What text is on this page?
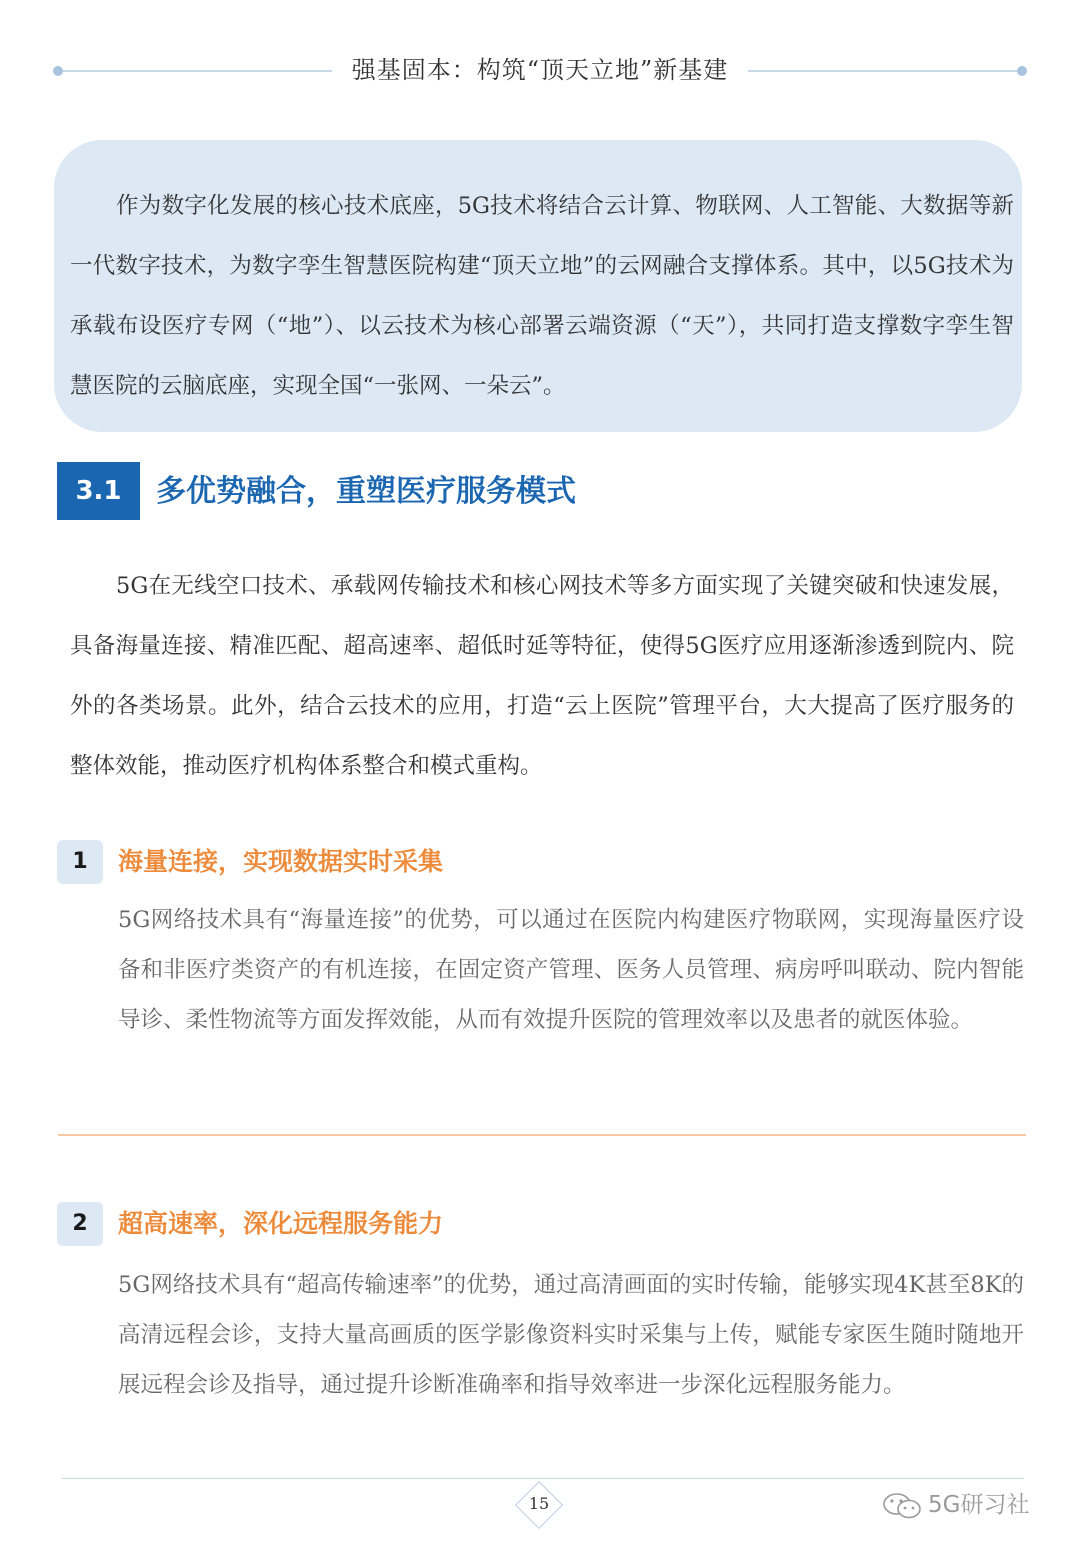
强基固本：构筑“顶天立地”新基建
作为数字化发展的核心技术底座，5G技术将结合云计算、物联网、人工智能、大数据等新一代数字技术，为数字孪生智慧医院构建“顶天立地”的云网融合支撑体系。其中，以5G技术为承载布设医疗专网（“地”）、以云技术为核心部署云端资源（“天”），共同打造支撑数字孪生智慧医院的云脑底座，实现全国“一张网、一朵云”。
3.1	多优势融合，重塑医疗服务模式
5G在无线空口技术、承载网传输技术和核心网技术等多方面实现了关键突破和快速发展，具备海量连接、精准匹配、超高速率、超低时延等特征，使得5G医疗应用逐渐渗透到院内、院外的各类场景。此外，结合云技术的应用，打造“云上医院”管理平台，大大提高了医疗服务的整体效能，推动医疗机构体系整合和模式重构。
1	海量连接，实现数据实时采集
5G网络技术具有“海量连接”的优势，可以通过在医院内构建医疗物联网，实现海量医疗设备和非医疗类资产的有机连接，在固定资产管理、医务人员管理、病房呼叫联动、院内智能导诊、柔性物流等方面发挥效能，从而有效提升医院的管理效率以及患者的就医体验。
2	超高速率，深化远程服务能力
5G网络技术具有“超高传输速率”的优势，通过高清画面的实时传输，能够实现4K甚至8K的高清远程会诊，支持大量高画质的医学影像资料实时采集与上传，赋能专家医生随时随地开展远程会诊及指导，通过提升诊断准确率和指导效率进一步深化远程服务能力。
15	5G研习社
